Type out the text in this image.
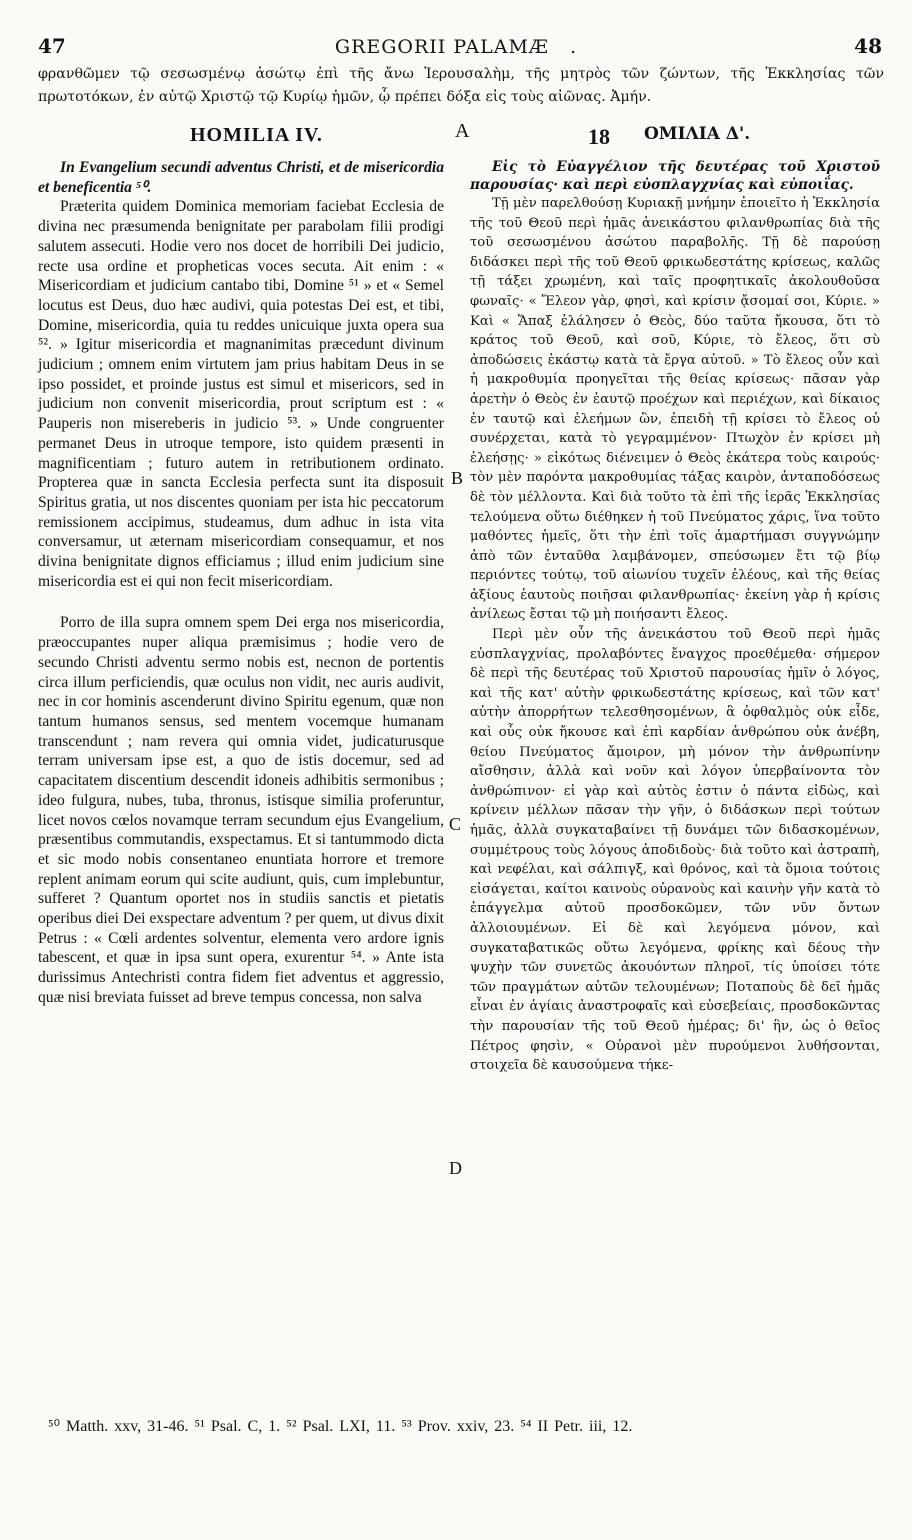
47	GREGORII PALAMÆ .	48
φρανθῶμεν τῷ σεσωσμένῳ ἀσώτῳ ἐπὶ τῆς ἄνω Ἱερουσαλὴμ, τῆς μητρὸς τῶν ζώντων, τῆς Ἐκκλησίας τῶν πρωτοτόκων, ἐν αὐτῷ Χριστῷ τῷ Κυρίῳ ἡμῶν, ᾧ πρέπει δόξα εἰς τοὺς αἰῶνας. Ἀμήν.
HOMILIA IV.	A	18 ΟΜΙΛΙΑ Δ'.

In Evangelium secundi adventus Christi, et de misericordia et beneficentia ⁵⁰.

Præterita quidem Dominica memoriam faciebat Ecclesia de divina nec præsumenda benignitate per parabolam filii prodigi salutem assecuti. Hodie vero nos docet de horribili Dei judicio, recte usa ordine et propheticas voces secuta. Ait enim : « Misericordiam et judicium cantabo tibi, Domine ⁵¹ » et « Semel locutus est Deus, duo hæc audivi, quia potestas Dei est, et tibi, Domine, misericordia, quia tu reddes unicuique juxta opera sua ⁵². » Igitur misericordia et magnanimitas præcedunt divinum judicium ; omnem enim virtutem jam prius habitam Deus in se ipso possidet, et proinde justus est simul et misericors, sed in judicium non convenit misericordia, prout scriptum est : « Pauperis non misereberis in judicio ⁵³. » Unde congruenter permanet Deus in utroque tempore, isto quidem præsenti in magnificentiam ; futuro autem in retributionem ordinato. Propterea quæ in sancta Ecclesia perfecta sunt ita disposuit Spiritus gratia, ut nos discentes quoniam per ista hic peccatorum remissionem accipimus, studeamus, dum adhuc in ista vita conversamur, ut æternam misericordiam consequamur, et nos divina benignitate dignos efficiamus ; illud enim judicium sine misericordia est ei qui non fecit misericordiam.

Porro de illa supra omnem spem Dei erga nos misericordia, præoccupantes nuper aliqua præmisimus ; hodie vero de secundo Christi adventu sermo nobis est, necnon de portentis circa illum perficiendis, quæ oculus non vidit, nec auris audivit, nec in cor hominis ascenderunt divino Spiritu egenum, quæ non tantum humanos sensus, sed mentem vocemque humanam transcendunt ; nam revera qui omnia videt, judicaturusque terram universam ipse est, a quo de istis docemur, sed ad capacitatem discentium descendit idoneis adhibitis sermonibus ; ideo fulgura, nubes, tuba, thronus, istisque similia proferuntur, licet novos cœlos novamque terram secundum ejus Evangelium, præsentibus commutandis, exspectamus. Et si tantummodo dicta et sic modo nobis consentaneo enuntiata horrore et tremore replent animam eorum qui scite audiunt, quis, cum implebuntur, sufferet ? Quantum oportet nos in studiis sanctis et pietatis operibus diei Dei exspectare adventum ? per quem, ut divus dixit Petrus : « Cœli ardentes solventur, elementa vero ardore ignis tabescent, et quæ in ipsa sunt opera, exurentur ⁵⁴. » Ante ista durissimus Antechristi contra fidem fiet adventus et aggressio, quæ nisi breviata fuisset ad breve tempus concessa, non salva

B
C
D

Εἰς τὸ Εὐαγγέλιον τῆς δευτέρας τοῦ Χριστοῦ παρουσίας· καὶ περὶ εὐσπλαγχνίας καὶ εὐποιΐας.

Τῇ μὲν παρελθούσῃ Κυριακῇ μνήμην ἐποιεῖτο ἡ Ἐκκλησία τῆς τοῦ Θεοῦ περὶ ἡμᾶς ἀνεικάστου φιλανθρωπίας διὰ τῆς τοῦ σεσωσμένου ἀσώτου παραβολῆς. Τῇ δὲ παρούσῃ διδάσκει περὶ τῆς τοῦ Θεοῦ φρικωδεστάτης κρίσεως, καλῶς τῇ τάξει χρωμένη, καὶ ταῖς προφητικαῖς ἀκολουθοῦσα φωναῖς· « Ἔλεον γὰρ, φησὶ, καὶ κρίσιν ᾄσομαί σοι, Κύριε. » Καὶ « Ἅπαξ ἐλάλησεν ὁ Θεὸς, δύο ταῦτα ἤκουσα, ὅτι τὸ κράτος τοῦ Θεοῦ, καὶ σοῦ, Κύριε, τὸ ἔλεος, ὅτι σὺ ἀποδώσεις ἑκάστῳ κατὰ τὰ ἔργα αὐτοῦ. » Τὸ ἔλεος οὖν καὶ ἡ μακροθυμία προηγεῖται τῆς θείας κρίσεως· πᾶσαν γὰρ ἀρετὴν ὁ Θεὸς ἐν ἑαυτῷ προέχων καὶ περιέχων, καὶ δίκαιος ἐν ταυτῷ καὶ ἐλεήμων ὢν, ἐπειδὴ τῇ κρίσει τὸ ἔλεος οὐ συνέρχεται, κατὰ τὸ γεγραμμένον· Πτωχὸν ἐν κρίσει μὴ ἐλεήσῃς· » εἰκότως διένειμεν ὁ Θεὸς ἑκάτερα τοὺς καιρούς· τὸν μὲν παρόντα μακροθυμίας τάξας καιρὸν, ἀνταποδόσεως δὲ τὸν μέλλοντα. Καὶ διὰ τοῦτο τὰ ἐπὶ τῆς ἱερᾶς Ἐκκλησίας τελούμενα οὕτω διέθηκεν ἡ τοῦ Πνεύματος χάρις, ἵνα τοῦτο μαθόντες ἡμεῖς, ὅτι τὴν ἐπὶ τοῖς ἁμαρτήμασι συγγνώμην ἀπὸ τῶν ἐνταῦθα λαμβάνομεν, σπεύσωμεν ἔτι τῷ βίῳ περιόντες τούτῳ, τοῦ αἰωνίου τυχεῖν ἐλέους, καὶ τῆς θείας ἀξίους ἑαυτοὺς ποιῆσαι φιλανθρωπίας· ἐκείνη γὰρ ἡ κρίσις ἀνίλεως ἔσται τῷ μὴ ποιήσαντι ἔλεος.

Περὶ μὲν οὖν τῆς ἀνεικάστου τοῦ Θεοῦ περὶ ἡμᾶς εὐσπλαγχνίας, προλαβόντες ἔναγχος προεθέμεθα· σήμερον δὲ περὶ τῆς δευτέρας τοῦ Χριστοῦ παρουσίας ἡμῖν ὁ λόγος, καὶ τῆς κατ' αὐτὴν φρικωδεστάτης κρίσεως, καὶ τῶν κατ' αὐτὴν ἀπορρήτων τελεσθησομένων, ἃ ὀφθαλμὸς οὐκ εἶδε, καὶ οὖς οὐκ ἤκουσε καὶ ἐπὶ καρδίαν ἀνθρώπου οὐκ ἀνέβη, θείου Πνεύματος ἄμοιρον, μὴ μόνον τὴν ἀνθρωπίνην αἴσθησιν, ἀλλὰ καὶ νοῦν καὶ λόγον ὑπερβαίνοντα τὸν ἀνθρώπινον· εἰ γὰρ καὶ αὐτὸς ἐστιν ὁ πάντα εἰδὼς, καὶ κρίνειν μέλλων πᾶσαν τὴν γῆν, ὁ διδάσκων περὶ τούτων ἡμᾶς, ἀλλὰ συγκαταβαίνει τῇ δυνάμει τῶν διδασκομένων, συμμέτρους τοὺς λόγους ἀποδιδοὺς· διὰ τοῦτο καὶ ἀστραπὴ, καὶ νεφέλαι, καὶ σάλπιγξ, καὶ θρόνος, καὶ τὰ ὅμοια τούτοις εἰσάγεται, καίτοι καινοὺς οὐρανοὺς καὶ καινὴν γῆν κατὰ τὸ ἐπάγγελμα αὐτοῦ προσδοκῶμεν, τῶν νῦν ὄντων ἀλλοιουμένων. Εἰ δὲ καὶ λεγόμενα μόνον, καὶ συγκαταβατικῶς οὕτω λεγόμενα, φρίκης καὶ δέους τὴν ψυχὴν τῶν συνετῶς ἀκουόντων πληροῖ, τίς ὑποίσει τότε τῶν πραγμάτων αὐτῶν τελουμένων; Ποταποὺς δὲ δεῖ ἡμᾶς εἶναι ἐν ἁγίαις ἀναστροφαῖς καὶ εὐσεβείαις, προσδοκῶντας τὴν παρουσίαν τῆς τοῦ Θεοῦ ἡμέρας; δι' ἣν, ὡς ὁ θεῖος Πέτρος φησὶν, « Οὐρανοὶ μὲν πυρούμενοι λυθήσονται, στοιχεῖα δὲ καυσούμενα τήκε-

⁵⁰ Matth. xxv, 31-46. ⁵¹ Psal. C, 1. ⁵² Psal. LXI, 11. ⁵³ Prov. xxiv, 23. ⁵⁴ II Petr. iii, 12.
